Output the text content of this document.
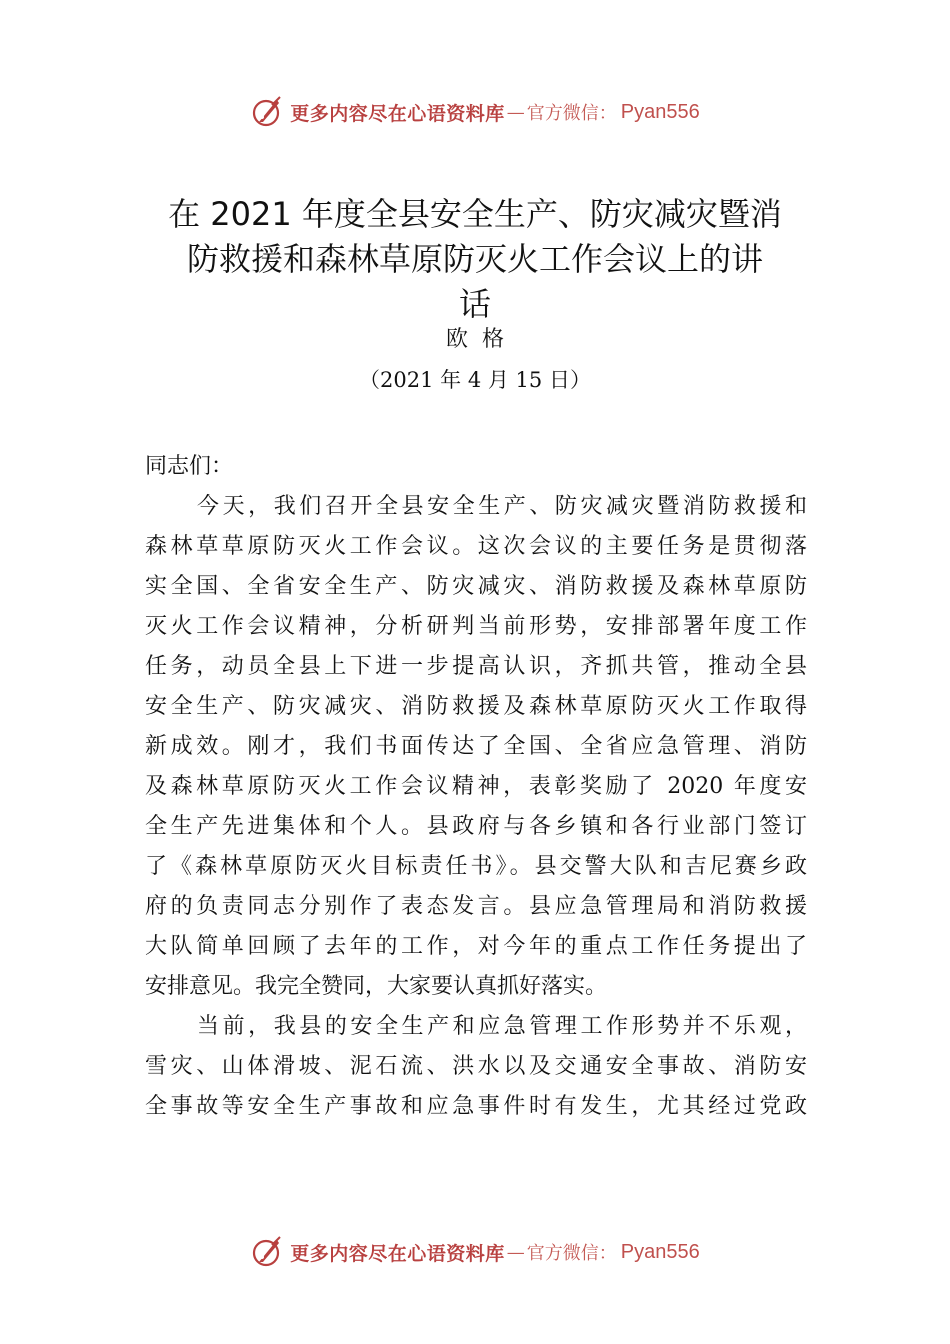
更多内容尽在心语资料库 — 官方微信： Pyan556
在 2021 年度全县安全生产、防灾减灾暨消
防救援和森林草原防灭火工作会议上的讲
话
欧格
（2021 年 4 月 15 日）
同志们：
今天，我们召开全县安全生产、防灾减灾暨消防救援和
森林草草原防灭火工作会议。这次会议的主要任务是贯彻落
实全国、全省安全生产、防灾减灾、消防救援及森林草原防
灭火工作会议精神，分析研判当前形势，安排部署年度工作
任务，动员全县上下进一步提高认识，齐抓共管，推动全县
安全生产、防灾减灾、消防救援及森林草原防灭火工作取得
新成效。刚才，我们书面传达了全国、全省应急管理、消防
及森林草原防灭火工作会议精神，表彰奖励了 2020 年度安
全生产先进集体和个人。县政府与各乡镇和各行业部门签订
了《森林草原防灭火目标责任书》。县交警大队和吉尼赛乡政
府的负责同志分别作了表态发言。县应急管理局和消防救援
大队简单回顾了去年的工作，对今年的重点工作任务提出了
安排意见。我完全赞同，大家要认真抓好落实。
当前，我县的安全生产和应急管理工作形势并不乐观，
雪灾、山体滑坡、泥石流、洪水以及交通安全事故、消防安
全事故等安全生产事故和应急事件时有发生，尤其经过党政
更多内容尽在心语资料库 — 官方微信： Pyan556
